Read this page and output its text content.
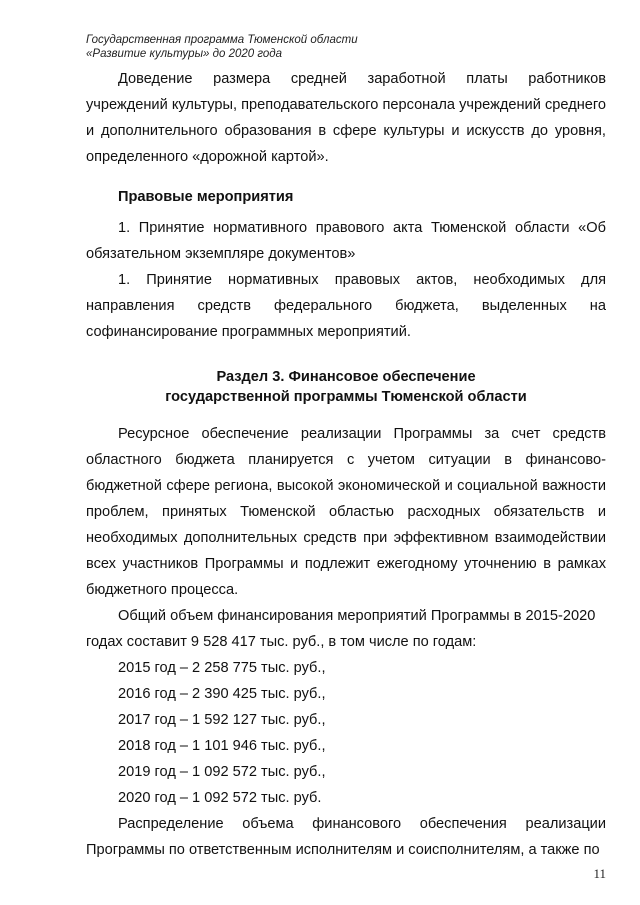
Государственная программа Тюменской области
«Развитие культуры» до 2020 года

Доведение размера средней заработной платы работников учреждений культуры, преподавательского персонала учреждений среднего и дополнительного образования в сфере культуры и искусств до уровня, определенного «дорожной картой».

Правовые мероприятия

1. Принятие нормативного правового акта Тюменской области «Об обязательном экземпляре документов»

1. Принятие нормативных правовых актов, необходимых для направления средств федерального бюджета, выделенных на софинансирование программных мероприятий.

Раздел 3. Финансовое обеспечение
государственной программы Тюменской области

Ресурсное обеспечение реализации Программы за счет средств областного бюджета планируется с учетом ситуации в финансово-бюджетной сфере региона, высокой экономической и социальной важности проблем, принятых Тюменской областью расходных обязательств и необходимых дополнительных средств при эффективном взаимодействии всех участников Программы и подлежит ежегодному уточнению в рамках бюджетного процесса.

Общий объем финансирования мероприятий Программы в 2015-2020
годах составит 9 528 417 тыс. руб., в том числе по годам:
2015 год – 2 258 775 тыс. руб.,
2016 год – 2 390 425 тыс. руб.,
2017 год – 1 592 127 тыс. руб.,
2018 год – 1 101 946 тыс. руб.,
2019 год – 1 092 572 тыс. руб.,
2020 год – 1 092 572 тыс. руб.

Распределение объема финансового обеспечения реализации Программы по ответственным исполнителям и соисполнителям, а также по

11
